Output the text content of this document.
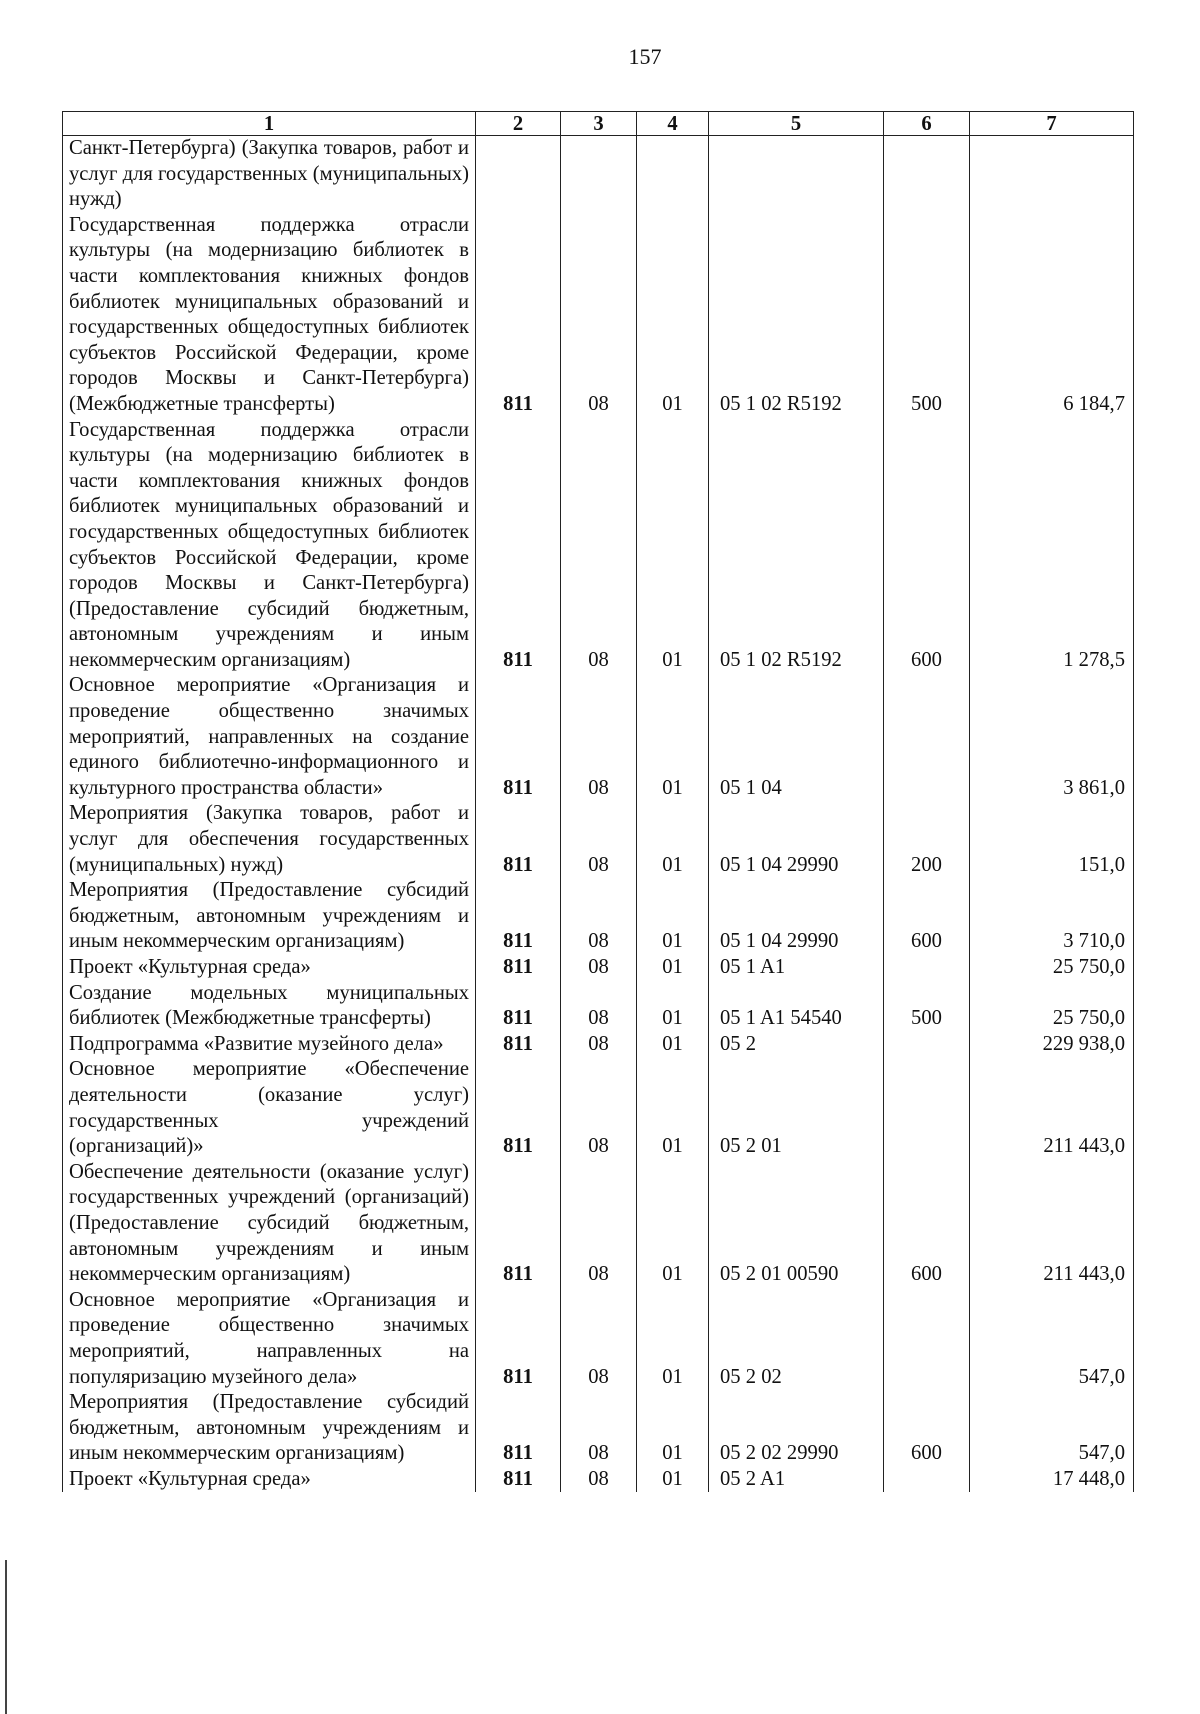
157
1	2	3	4	5	6	7
Санкт-Петербурга) (Закупка товаров, работ и услуг для государственных (муниципальных) нужд)						
Государственная поддержка отрасли культуры (на модернизацию библиотек в части комплектования книжных фондов библиотек муниципальных образований и государственных общедоступных библиотек субъектов Российской Федерации, кроме городов Москвы и Санкт-Петербурга) (Межбюджетные трансферты)	811	08	01	05 1 02 R5192	500	6 184,7
Государственная поддержка отрасли культуры (на модернизацию библиотек в части комплектования книжных фондов библиотек муниципальных образований и государственных общедоступных библиотек субъектов Российской Федерации, кроме городов Москвы и Санкт-Петербурга) (Предоставление субсидий бюджетным, автономным учреждениям и иным некоммерческим организациям)	811	08	01	05 1 02 R5192	600	1 278,5
Основное мероприятие «Организация и проведение общественно значимых мероприятий, направленных на создание единого библиотечно-информационного и культурного пространства области»	811	08	01	05 1 04		3 861,0
Мероприятия (Закупка товаров, работ и услуг для обеспечения государственных (муниципальных) нужд)	811	08	01	05 1 04 29990	200	151,0
Мероприятия (Предоставление субсидий бюджетным, автономным учреждениям и иным некоммерческим организациям)	811	08	01	05 1 04 29990	600	3 710,0
Проект «Культурная среда»	811	08	01	05 1 A1		25 750,0
Создание модельных муниципальных библиотек (Межбюджетные трансферты)	811	08	01	05 1 A1 54540	500	25 750,0
Подпрограмма «Развитие музейного дела»	811	08	01	05 2		229 938,0
Основное мероприятие «Обеспечение деятельности (оказание услуг) государственных учреждений (организаций)»	811	08	01	05 2 01		211 443,0
Обеспечение деятельности (оказание услуг) государственных учреждений (организаций) (Предоставление субсидий бюджетным, автономным учреждениям и иным некоммерческим организациям)	811	08	01	05 2 01 00590	600	211 443,0
Основное мероприятие «Организация и проведение общественно значимых мероприятий, направленных на популяризацию музейного дела»	811	08	01	05 2 02		547,0
Мероприятия (Предоставление субсидий бюджетным, автономным учреждениям и иным некоммерческим организациям)	811	08	01	05 2 02 29990	600	547,0
Проект «Культурная среда»	811	08	01	05 2 A1		17 448,0
